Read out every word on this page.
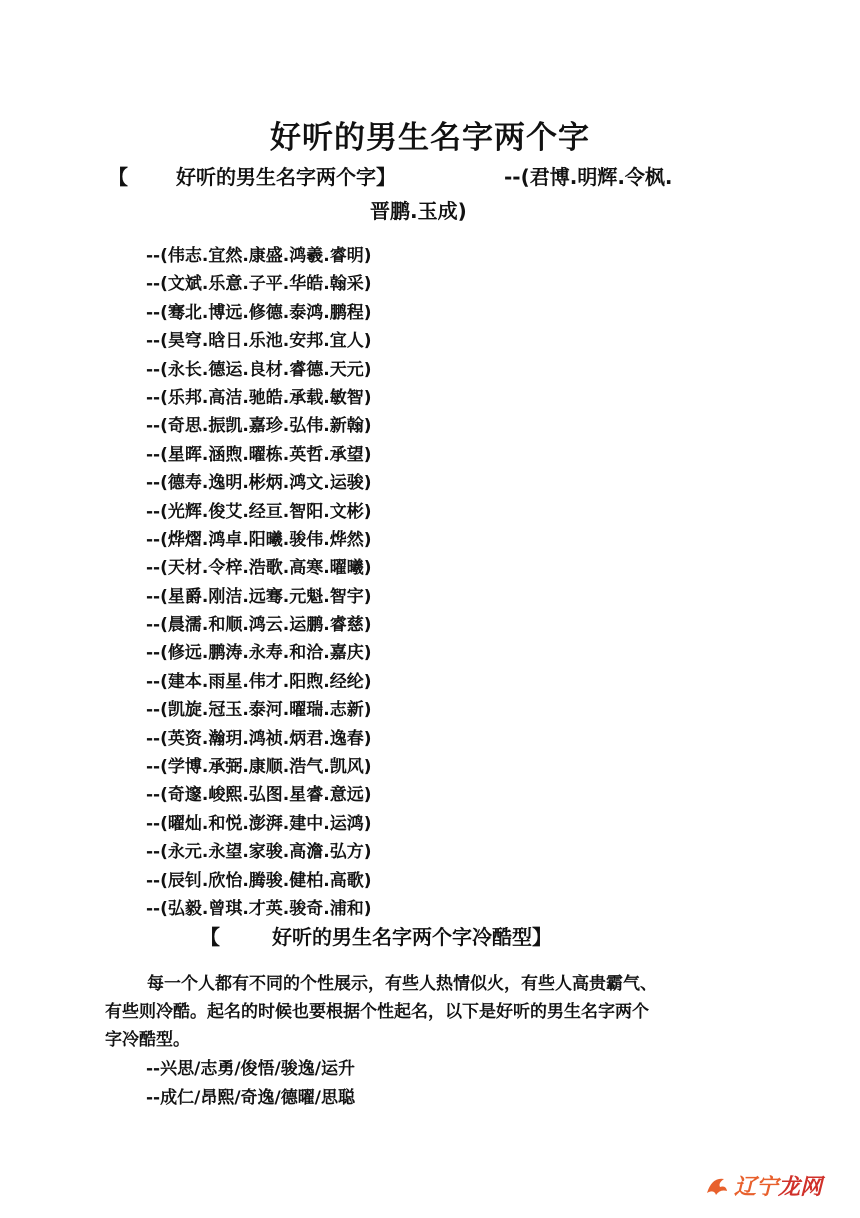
好听的男生名字两个字
【	好听的男生名字两个字】	--(君博.明辉.令枫.
晋鹏.玉成)
--(伟志.宜然.康盛.鸿羲.睿明)
--(文斌.乐意.子平.华皓.翰采)
--(骞北.博远.修德.泰鸿.鹏程)
--(昊穹.晗日.乐池.安邦.宜人)
--(永长.德运.良材.睿德.天元)
--(乐邦.高洁.驰皓.承载.敏智)
--(奇思.振凯.嘉珍.弘伟.新翰)
--(星晖.涵煦.曜栋.英哲.承望)
--(德寿.逸明.彬炳.鸿文.运骏)
--(光辉.俊艾.经亘.智阳.文彬)
--(烨熠.鸿卓.阳曦.骏伟.烨然)
--(天材.令梓.浩歌.高寒.曜曦)
--(星爵.刚洁.远骞.元魁.智宇)
--(晨濡.和顺.鸿云.运鹏.睿慈)
--(修远.鹏涛.永寿.和洽.嘉庆)
--(建本.雨星.伟才.阳煦.经纶)
--(凯旋.冠玉.泰河.曜瑞.志新)
--(英资.瀚玥.鸿祯.炳君.逸春)
--(学博.承弼.康顺.浩气.凯风)
--(奇邃.峻熙.弘图.星睿.意远)
--(曜灿.和悦.澎湃.建中.运鸿)
--(永元.永望.家骏.高澹.弘方)
--(辰钊.欣怡.腾骏.健柏.高歌)
--(弘毅.曾琪.才英.骏奇.浦和)
【	好听的男生名字两个字冷酷型】
每一个人都有不同的个性展示，有些人热情似火，有些人高贵霸气、有些则冷酷。起名的时候也要根据个性起名，以下是好听的男生名字两个字冷酷型。
--兴思/志勇/俊悟/骏逸/运升
--成仁/昂熙/奇逸/德曜/思聪
辽宁 龙网
